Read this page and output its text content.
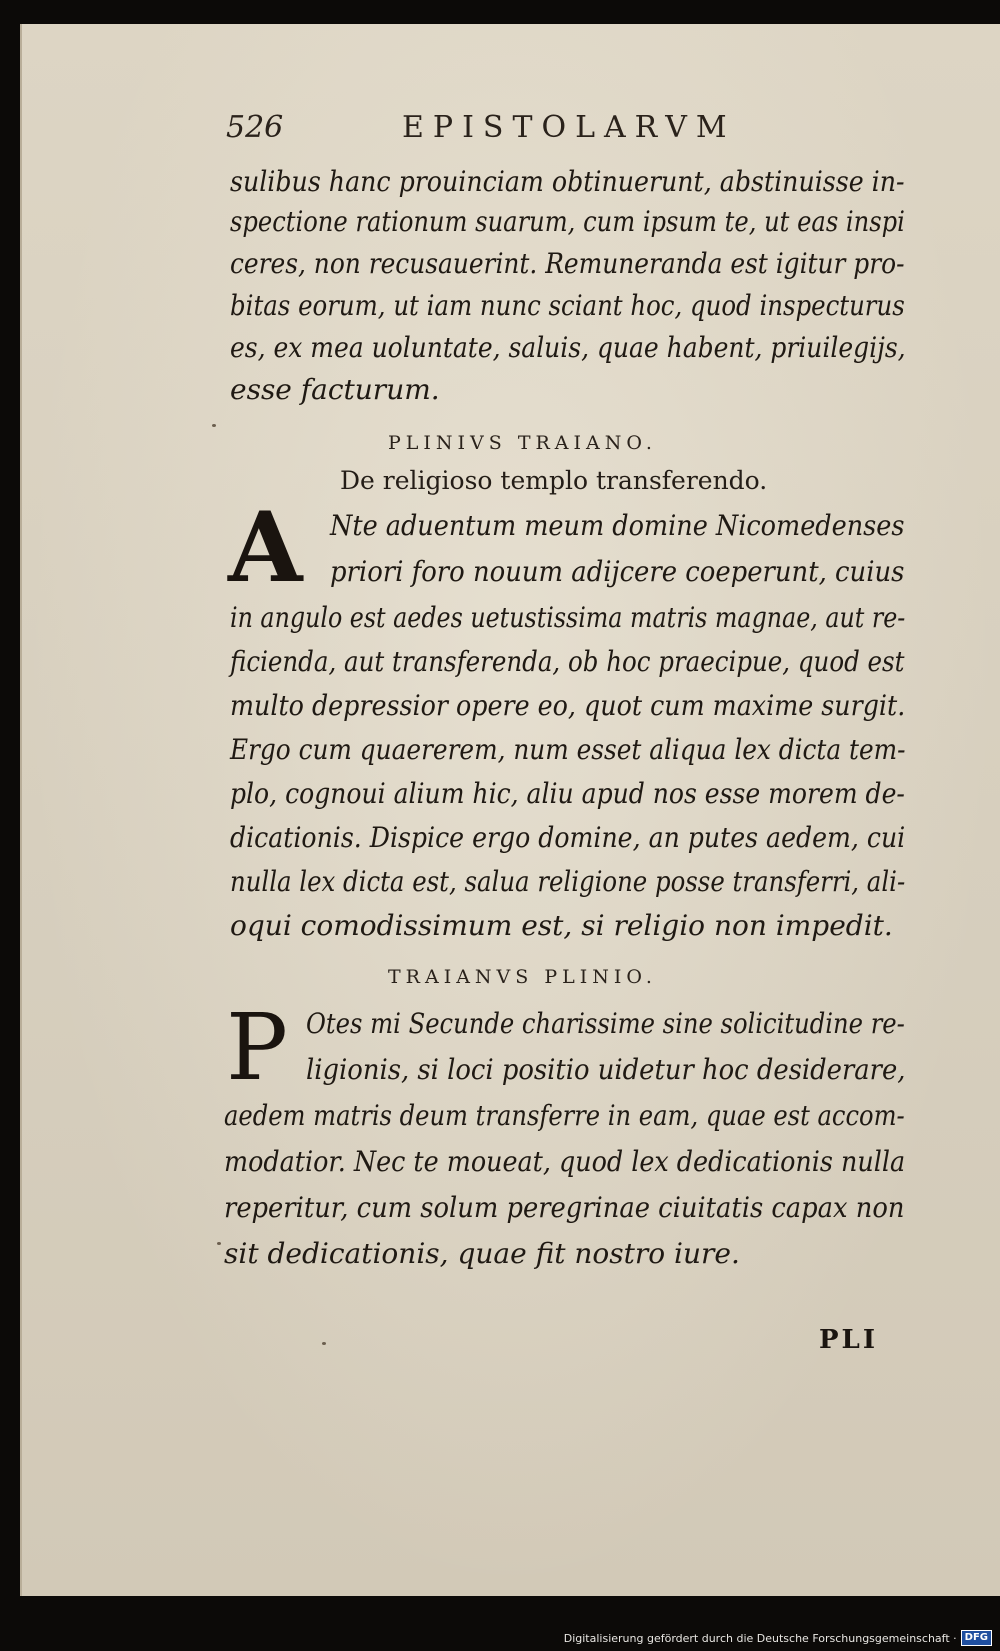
526	EPISTOLARVM
sulibus hanc prouinciam obtinuerunt, abstinuisse in-
spectione rationum suarum, cum ipsum te, ut eas inspi
ceres, non recusauerint. Remuneranda est igitur pro-
bitas eorum, ut iam nunc sciant hoc, quod inspecturus
es, ex mea uoluntate, saluis, quae habent, priuilegijs,
esse facturum.
PLINIVS TRAIANO.
De religioso templo transferendo.
A Nte aduentum meum domine Nicomedenses
priori foro nouum adijcere coeperunt, cuius
in angulo est aedes uetustissima matris magnae, aut re-
ficienda, aut transferenda, ob hoc praecipue, quod est
multo depressior opere eo, quot cum maxime surgit.
Ergo cum quaererem, num esset aliqua lex dicta tem-
plo, cognoui alium hic, aliu apud nos esse morem de-
dicationis. Dispice ergo domine, an putes aedem, cui
nulla lex dicta est, salua religione posse transferri, ali-
oqui comodissimum est, si religio non impedit.
TRAIANVS PLINIO.
P Otes mi Secunde charissime sine solicitudine re-
ligionis, si loci positio uidetur hoc desiderare,
aedem matris deum transferre in eam, quae est accom-
modatior. Nec te moueat, quod lex dedicationis nulla
reperitur, cum solum peregrinae ciuitatis capax non
sit dedicationis, quae fit nostro iure.
PLI
Digitalisierung gefördert durch die Deutsche Forschungsgemeinschaft · DFG
